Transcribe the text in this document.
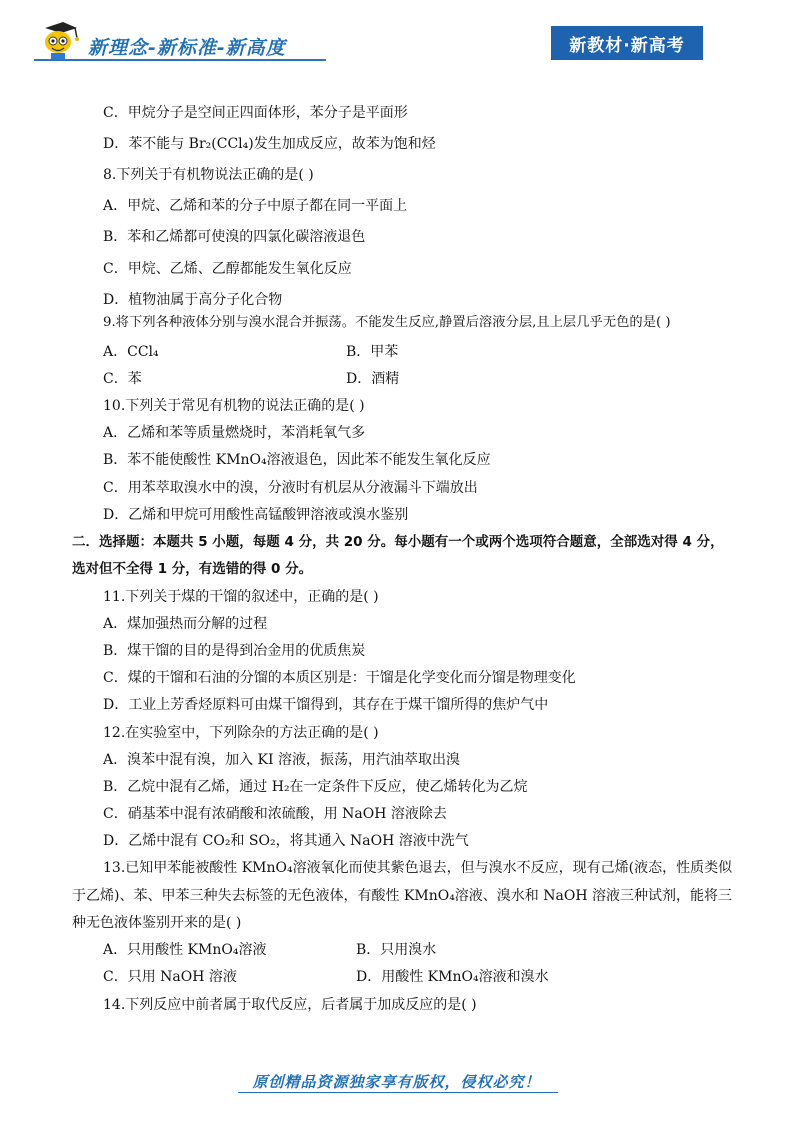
新理念-新标准-新高度	新教材·新高考
C．甲烷分子是空间正四面体形，苯分子是平面形
D．苯不能与 Br₂(CCl₄)发生加成反应，故苯为饱和烃
8.下列关于有机物说法正确的是( )
A．甲烷、乙烯和苯的分子中原子都在同一平面上
B．苯和乙烯都可使溴的四氯化碳溶液退色
C．甲烷、乙烯、乙醇都能发生氧化反应
D．植物油属于高分子化合物
9.将下列各种液体分别与溴水混合并振荡。不能发生反应,静置后溶液分层,且上层几乎无色的是( )
A．CCl₄	B．甲苯
C．苯	D．酒精
10.下列关于常见有机物的说法正确的是( )
A．乙烯和苯等质量燃烧时，苯消耗氧气多
B．苯不能使酸性 KMnO₄溶液退色，因此苯不能发生氧化反应
C．用苯萃取溴水中的溴，分液时有机层从分液漏斗下端放出
D．乙烯和甲烷可用酸性高锰酸钾溶液或溴水鉴别
二．选择题：本题共 5 小题，每题 4 分，共 20 分。每小题有一个或两个选项符合题意，全部选对得 4 分，
选对但不全得 1 分，有选错的得 0 分。
11.下列关于煤的干馏的叙述中，正确的是( )
A．煤加强热而分解的过程
B．煤干馏的目的是得到冶金用的优质焦炭
C．煤的干馏和石油的分馏的本质区别是：干馏是化学变化而分馏是物理变化
D．工业上芳香烃原料可由煤干馏得到，其存在于煤干馏所得的焦炉气中
12.在实验室中，下列除杂的方法正确的是( )
A．溴苯中混有溴，加入 KI 溶液，振荡，用汽油萃取出溴
B．乙烷中混有乙烯，通过 H₂在一定条件下反应，使乙烯转化为乙烷
C．硝基苯中混有浓硝酸和浓硫酸，用 NaOH 溶液除去
D．乙烯中混有 CO₂和 SO₂，将其通入 NaOH 溶液中洗气
13.已知甲苯能被酸性 KMnO₄溶液氧化而使其紫色退去，但与溴水不反应，现有己烯(液态，性质类似
于乙烯)、苯、甲苯三种失去标签的无色液体，有酸性 KMnO₄溶液、溴水和 NaOH 溶液三种试剂，能将三
种无色液体鉴别开来的是( )
A．只用酸性 KMnO₄溶液	B．只用溴水
C．只用 NaOH 溶液	D．用酸性 KMnO₄溶液和溴水
14.下列反应中前者属于取代反应，后者属于加成反应的是( )
原创精品资源独家享有版权，侵权必究！
